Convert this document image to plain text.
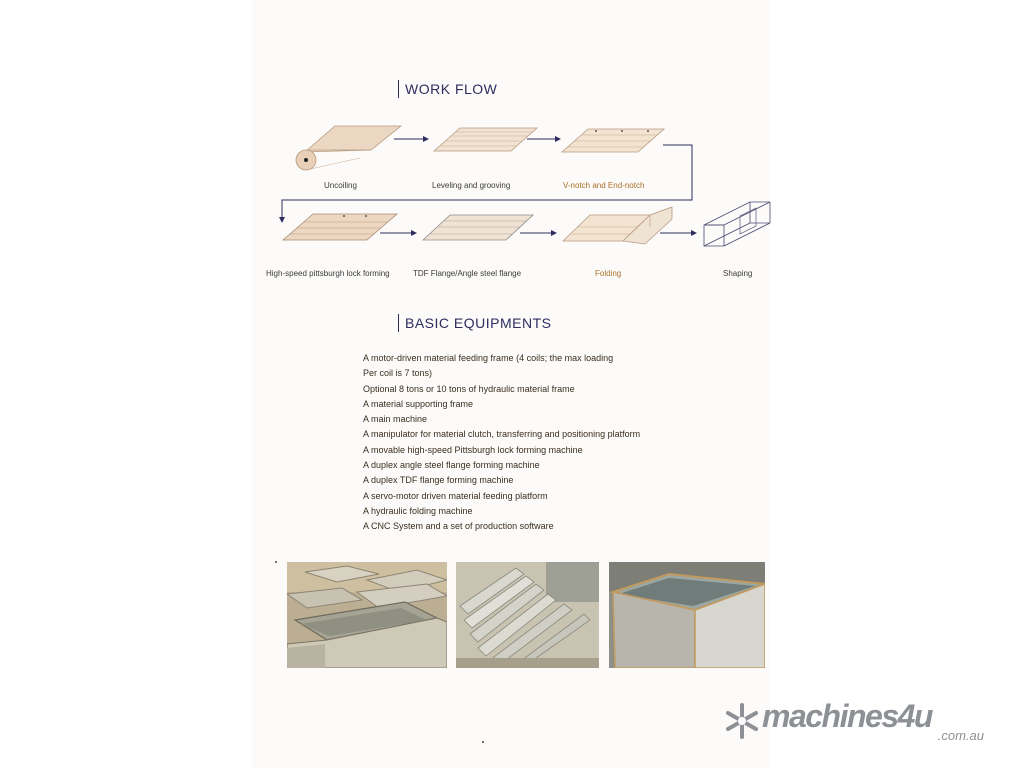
WORK FLOW
Uncoiling	Leveling and grooving	V-notch and End-notch
High-speed pittsburgh lock forming	TDF Flange/Angle steel flange	Folding	Shaping
BASIC EQUIPMENTS
A motor-driven material feeding frame (4 coils; the max loading
Per coil is 7 tons)
Optional 8 tons or 10 tons of hydraulic material frame
A material supporting frame
A main machine
A manipulator for material clutch, transferring and positioning platform
A movable high-speed Pittsburgh lock forming machine
A duplex angle steel flange forming machine
A duplex TDF flange forming machine
A servo-motor driven material feeding platform
A hydraulic folding machine
A CNC System and a set of production software
machines4u
.com.au
